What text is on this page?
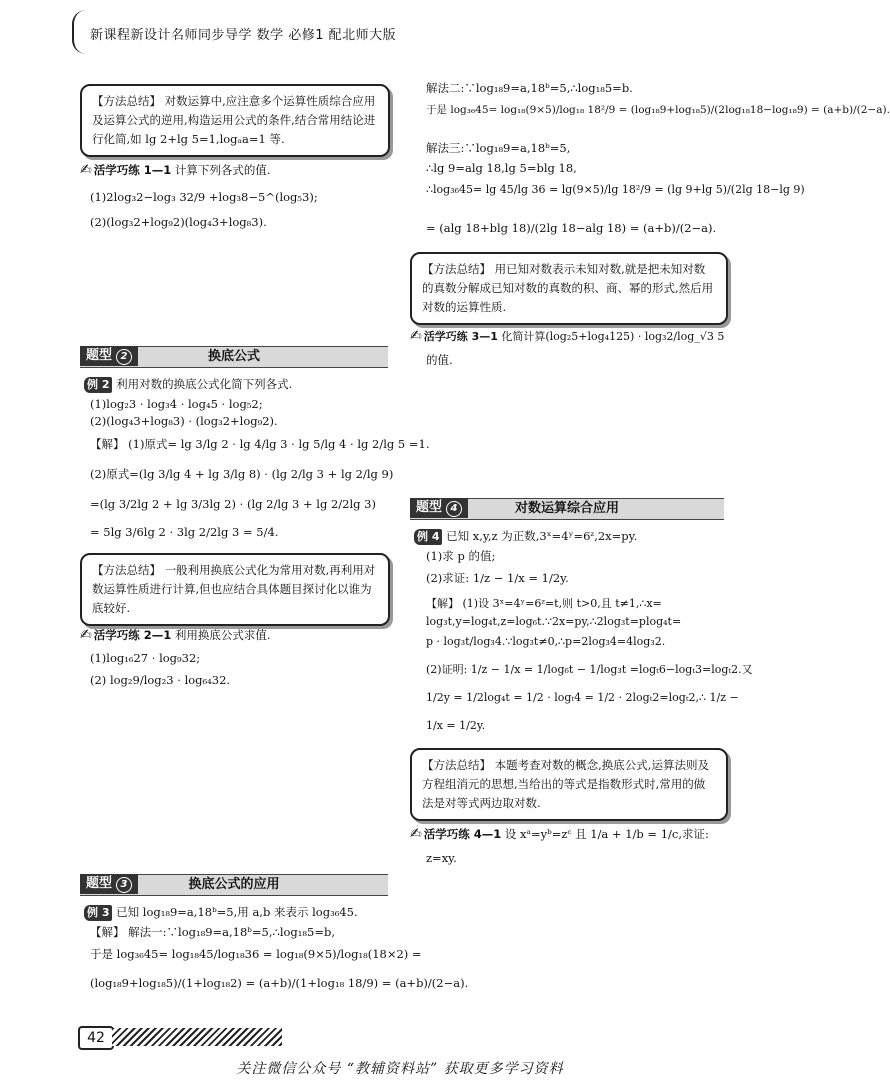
新课程新设计名师同步导学 数学 必修1 配北师大版
【方法总结】 对数运算中,应注意多个运算性质综合应用及运算公式的逆用,构造运用公式的条件,结合常用结论进行化简,如 lg 2+lg 5=1,logₐa=1 等.
✍ 活学巧练 1—1 计算下列各式的值.
(1)2log₃2−log₃ 32/9 +log₃8−5^(log₅3);
(2)(log₃2+log₉2)(log₄3+log₈3).
换底公式
题型 2
例 2 利用对数的换底公式化简下列各式.
(1)log₂3 · log₃4 · log₄5 · log₅2;
(2)(log₄3+log₈3) · (log₃2+log₉2).
【解】 (1)原式= lg 3/lg 2 · lg 4/lg 3 · lg 5/lg 4 · lg 2/lg 5 =1.
(2)原式=(lg 3/lg 4 + lg 3/lg 8) · (lg 2/lg 3 + lg 2/lg 9)
=(lg 3/2lg 2 + lg 3/3lg 2) · (lg 2/lg 3 + lg 2/2lg 3)
= 5lg 3/6lg 2 · 3lg 2/2lg 3 = 5/4.
【方法总结】 一般利用换底公式化为常用对数,再利用对数运算性质进行计算,但也应结合具体题目探讨化以谁为底较好.
✍ 活学巧练 2—1 利用换底公式求值.
(1)log₁₆27 · log₉32;
(2) log₂9/log₂3 · log₆₄32.
换底公式的应用
题型 3
例 3 已知 log₁₈9=a,18ᵇ=5,用 a,b 来表示 log₃₆45.
【解】 解法一:∵log₁₈9=a,18ᵇ=5,∴log₁₈5=b,
于是 log₃₆45= log₁₈45/log₁₈36 = log₁₈(9×5)/log₁₈(18×2) =
(log₁₈9+log₁₈5)/(1+log₁₈2) = (a+b)/(1+log₁₈ 18/9) = (a+b)/(2−a).
解法二:∵log₁₈9=a,18ᵇ=5,∴log₁₈5=b.
于是 log₃₆45= log₁₈(9×5)/log₁₈ 18²/9 = (log₁₈9+log₁₈5)/(2log₁₈18−log₁₈9) = (a+b)/(2−a).
解法三:∵log₁₈9=a,18ᵇ=5,
∴lg 9=alg 18,lg 5=blg 18,
∴log₃₆45= lg 45/lg 36 = lg(9×5)/lg 18²/9 = (lg 9+lg 5)/(2lg 18−lg 9)
= (alg 18+blg 18)/(2lg 18−alg 18) = (a+b)/(2−a).
【方法总结】 用已知对数表示未知对数,就是把未知对数的真数分解成已知对数的真数的积、商、幂的形式,然后用对数的运算性质.
✍ 活学巧练 3—1 化简计算(log₂5+log₄125) · log₃2/log_√3 5
的值.
对数运算综合应用
题型 4
例 4 已知 x,y,z 为正数,3ˣ=4ʸ=6ᶻ,2x=py.
(1)求 p 的值;
(2)求证: 1/z − 1/x = 1/2y.
【解】 (1)设 3ˣ=4ʸ=6ᶻ=t,则 t>0,且 t≠1,∴x=
log₃t,y=log₄t,z=log₆t.∵2x=py,∴2log₃t=plog₄t=
p · log₃t/log₃4.∵log₃t≠0,∴p=2log₃4=4log₃2.
(2)证明: 1/z − 1/x = 1/log₆t − 1/log₃t =logₜ6−logₜ3=logₜ2.又
1/2y = 1/2log₄t = 1/2 · logₜ4 = 1/2 · 2logₜ2=logₜ2,∴ 1/z −
1/x = 1/2y.
【方法总结】 本题考查对数的概念,换底公式,运算法则及方程组消元的思想,当给出的等式是指数形式时,常用的做法是对等式两边取对数.
✍ 活学巧练 4—1 设 xᵃ=yᵇ=zᶜ 且 1/a + 1/b = 1/c,求证:
z=xy.
42
关注微信公众号 “教辅资料站” 获取更多学习资料
